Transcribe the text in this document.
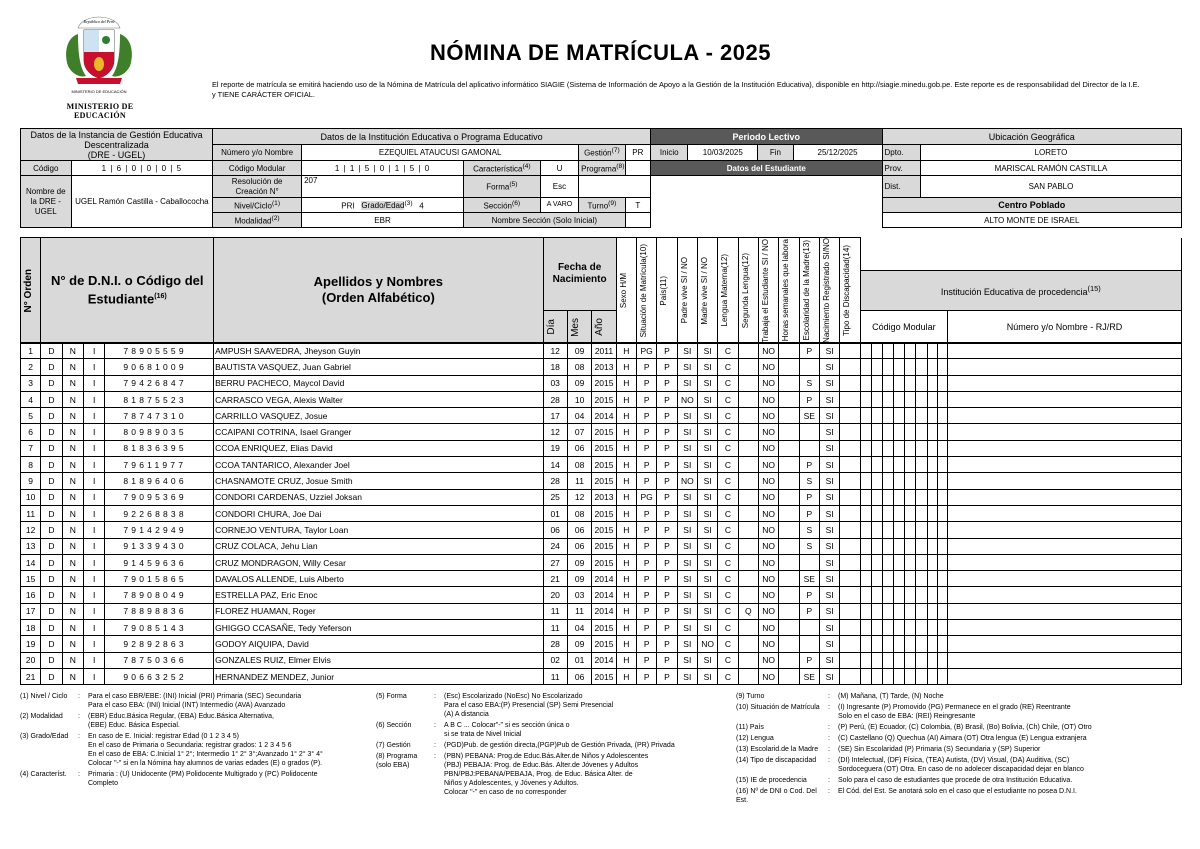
MINISTERIO DE EDUCACIÓN
República del Perú
MINISTERIO DE EDUCACIÓN
NÓMINA DE MATRÍCULA - 2025
El reporte de matrícula se emitirá haciendo uso de la Nómina de Matrícula del aplicativo informático SIAGIE (Sistema de Información de Apoyo a la Gestión de la Institución Educativa), disponible en http://siagie.minedu.gob.pe. Este reporte es de responsabilidad del Director de la I.E. y TIENE CARÁCTER OFICIAL.
Datos de la Instancia de Gestión Educativa Descentralizada
(DRE - UGEL)		Datos de la Institución Educativa o Programa Educativo						Periodo Lectivo				Ubicación Geográfica	
		Número y/o Nombre	EZEQUIEL ATAUCUSI GAMONAL			Gestión$^{(7)}$	PR	Inicio	10/03/2025	Fin	25/12/2025	Dpto.	LORETO
Código	1 | 6 | 0 | 0 | 0 | 5	Código Modular	1 | 1 | 5 | 0 | 1 | 5 | 0	Característica$^{(4)}$	U	Programa$^{(8)}$		Datos del Estudiante				Prov.	MARISCAL RAMÓN CASTILLA
Nombre de la DRE - UGEL	UGEL Ramón Castilla - Caballococha	Resolución de Creación N°	207	Forma$^{(5)}$	Esc							Dist.	SAN PABLO
		Nivel/Ciclo$^{(1)}$	PRI Grado/Edad$^{(3)}$ 4	Sección$^{(6)}$	A VARO	Turno$^{(9)}$	T					Centro Poblado	
		Modalidad$^{(2)}$	EBR	Nombre Sección (Solo Inicial)								ALTO MONTE DE ISRAEL	
N° Orden	N° de D.N.I. o Código del Estudiante$^{(16)}$	Apellidos y Nombres
(Orden Alfabético)	Fecha de Nacimiento			Sexo H/M	Situación de Matrícula(10)	País(11)	Padre vive SI / NO	Madre vive SI / NO	Lengua Materna(12)	Segunda Lengua(12)	Trabaja el Estudiante SI / NO	Horas semanales que labora	Escolaridad de la Madre(13)	Nacimiento Registrado SI/NO	Tipo de Discapacidad(14)		

																		Institución Educativa de procedencia$^{(15)}$

			Día	Mes	Año													Código Modular	Número y/o Nombre - RJ/RD
1	D	N	I	78905559	AMPUSH SAAVEDRA, Jheyson Guyin	12	09	2011	H	PG	P	SI	SI	C		NO		P	SI										
2	D	N	I	90681009	BAUTISTA VASQUEZ, Juan Gabriel	18	08	2013	H	P	P	SI	SI	C		NO			SI										
3	D	N	I	79426847	BERRU PACHECO, Maycol David	03	09	2015	H	P	P	SI	SI	C		NO		S	SI										
4	D	N	I	81875523	CARRASCO VEGA, Alexis Walter	28	10	2015	H	P	P	NO	SI	C		NO		P	SI										
5	D	N	I	78747310	CARRILLO VASQUEZ, Josue	17	04	2014	H	P	P	SI	SI	C		NO		SE	SI										
6	D	N	I	80989035	CCAIPANI COTRINA, Isael Granger	12	07	2015	H	P	P	SI	SI	C		NO			SI										
7	D	N	I	81836395	CCOA ENRIQUEZ, Elias David	19	06	2015	H	P	P	SI	SI	C		NO			SI										
8	D	N	I	79611977	CCOA TANTARICO, Alexander Joel	14	08	2015	H	P	P	SI	SI	C		NO		P	SI										
9	D	N	I	81896406	CHASNAMOTE CRUZ, Josue Smith	28	11	2015	H	P	P	NO	SI	C		NO		S	SI										
10	D	N	I	79095369	CONDORI CARDENAS, Uzziel Joksan	25	12	2013	H	PG	P	SI	SI	C		NO		P	SI										
11	D	N	I	92268838	CONDORI CHURA, Joe Dai	01	08	2015	H	P	P	SI	SI	C		NO		P	SI										
12	D	N	I	79142949	CORNEJO VENTURA, Taylor Loan	06	06	2015	H	P	P	SI	SI	C		NO		S	SI										
13	D	N	I	91339430	CRUZ COLACA, Jehu Lian	24	06	2015	H	P	P	SI	SI	C		NO		S	SI										
14	D	N	I	91459636	CRUZ MONDRAGON, Willy Cesar	27	09	2015	H	P	P	SI	SI	C		NO			SI										
15	D	N	I	79015865	DAVALOS ALLENDE, Luis Alberto	21	09	2014	H	P	P	SI	SI	C		NO		SE	SI										
16	D	N	I	78908049	ESTRELLA PAZ, Eric Enoc	20	03	2014	H	P	P	SI	SI	C		NO		P	SI										
17	D	N	I	78898836	FLOREZ HUAMAN, Roger	11	11	2014	H	P	P	SI	SI	C	Q	NO		P	SI										
18	D	N	I	79085143	GHIGGO CCASAÑE, Tedy Yeferson	11	04	2015	H	P	P	SI	SI	C		NO			SI										
19	D	N	I	92892863	GODOY AIQUIPA, David	28	09	2015	H	P	P	SI	NO	C		NO			SI										
20	D	N	I	78750366	GONZALES RUIZ, Elmer Elvis	02	01	2014	H	P	P	SI	SI	C		NO		P	SI										
21	D	N	I	90663252	HERNANDEZ MENDEZ, Junior	11	06	2015	H	P	P	SI	SI	C		NO		SE	SI										
(1) Nivel / Ciclo	:	Para el caso EBR/EBE: (INI) Inicial (PRI) Primaria (SEC) Secundaria
Para el caso EBA: (INI) Inicial (INT) Intermedio (AVA) Avanzado
(2) Modalidad	:	(EBR) Educ.Básica Regular, (EBA) Educ.Básica Alternativa,
(EBE) Educ. Básica Especial.
(3) Grado/Edad	:	En caso de E. Inicial: registrar Edad (0 1 2 3 4 5)
En el caso de Primaria o Secundaria: registrar grados: 1 2 3 4 5 6
En el caso de EBA: C.Inicial 1° 2°; Intermedio 1° 2° 3°;Avanzado 1° 2° 3° 4°
Colocar "-" si en la Nómina hay alumnos de varias edades (E) o grados (P).
(4) Característ.	:	Primaria : (U) Unidocente (PM) Polidocente Multigrado y (PC) Polidocente
Completo
(5) Forma	:	(Esc) Escolarizado (NoEsc) No Escolarizado
Para el caso EBA:(P) Presencial (SP) Semi Presencial
(A) A distancia
(6) Sección	:	A B C ... Colocar"-" si es sección única o
si se trata de Nivel Inicial
(7) Gestión	:	(PGD)Pub. de gestión directa,(PGP)Pub de Gestión Privada, (PR) Privada
(8) Programa (solo EBA)
:	(PBN) PEBANA: Prog.de Educ.Bás.Alter.de Niños y Adolescentes
(PBJ) PEBAJA: Prog. de Educ.Bás. Alter.de Jóvenes y Adultos
PBN/PBJ:PEBANA/PEBAJA, Prog. de Educ. Básica Alter. de
Niños y Adolescentes, y Jóvenes y Adultos.
Colocar "-" en caso de no corresponder
(9) Turno	:	(M) Mañana, (T) Tarde, (N) Noche
(10) Situación de Matrícula	:	(I) Ingresante (P) Promovido (PG) Permanece en el grado (RE) Reentrante
Solo en el caso de EBA: (REI) Reingresante
(11) País	:	(P) Perú, (E) Ecuador, (C) Colombia, (B) Brasil, (Bo) Bolivia, (Ch) Chile, (OT) Otro
(12) Lengua	:	(C) Castellano (Q) Quechua (AI) Aimara (OT) Otra lengua (E) Lengua extranjera
(13) Escolarid.de la Madre	:	(SE) Sin Escolaridad (P) Primaria (S) Secundaria y (SP) Superior
(14) Tipo de discapacidad	:	(DI) Intelectual, (DF) Física, (TEA) Autista, (DV) Visual, (DA) Auditiva, (SC)
Sordoceguera (OT) Otra. En caso de no adolecer discapacidad dejar en blanco
(15) IE de procedencia	:	Solo para el caso de estudiantes que procede de otra Institución Educativa.
(16) Nº de DNI o Cod. Del Est.
:	El Cód. del Est. Se anotará solo en el caso que el estudiante no posea D.N.I.
